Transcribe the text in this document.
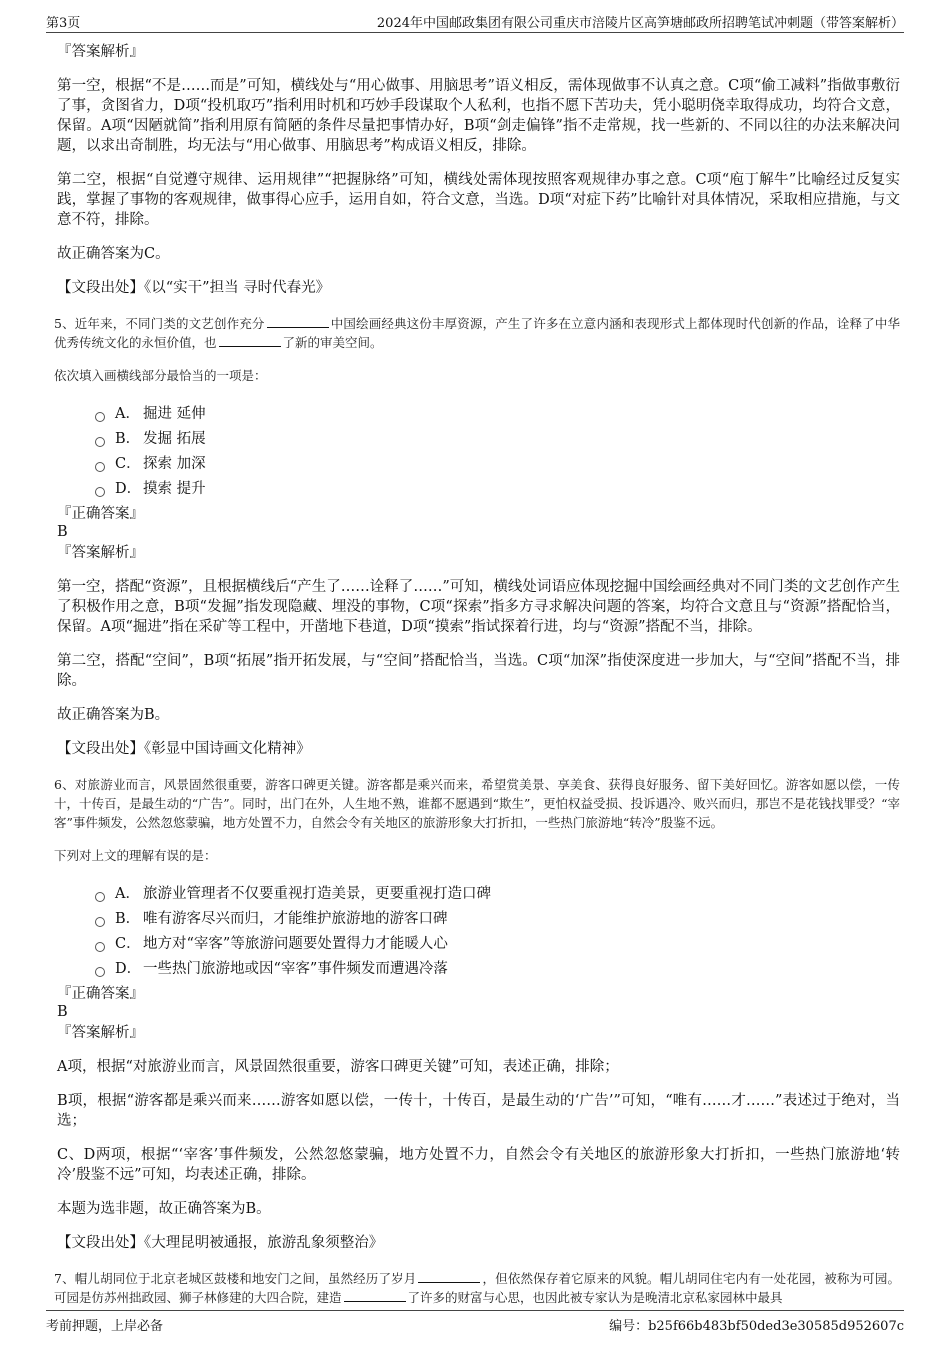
第3页	2024年中国邮政集团有限公司重庆市涪陵片区高笋塘邮政所招聘笔试冲刺题（带答案解析）

『答案解析』

第一空，根据“不是……而是”可知，横线处与“用心做事、用脑思考”语义相反，需体现做事不认真之意。C项“偷工减料”指做事敷衍了事，贪图省力，D项“投机取巧”指利用时机和巧妙手段谋取个人私利，也指不愿下苦功夫，凭小聪明侥幸取得成功，均符合文意，保留。A项“因陋就简”指利用原有简陋的条件尽量把事情办好，B项“剑走偏锋”指不走常规，找一些新的、不同以往的办法来解决问题，以求出奇制胜，均无法与“用心做事、用脑思考”构成语义相反，排除。

第二空，根据“自觉遵守规律、运用规律”“把握脉络”可知，横线处需体现按照客观规律办事之意。C项“庖丁解牛”比喻经过反复实践，掌握了事物的客观规律，做事得心应手，运用自如，符合文意，当选。D项“对症下药”比喻针对具体情况，采取相应措施，与文意不符，排除。

故正确答案为C。

【文段出处】《以“实干”担当 寻时代春光》

5、近年来，不同门类的文艺创作充分	中国绘画经典这份丰厚资源，产生了许多在立意内涵和表现形式上都体现时代创新的作品，诠释了中华优秀传统文化的永恒价值，也	了新的审美空间。

依次填入画横线部分最恰当的一项是：

A． 掘进 延伸
B． 发掘 拓展
C． 探索 加深
D． 摸索 提升

『正确答案』

B

『答案解析』

第一空，搭配“资源”，且根据横线后“产生了……诠释了……”可知，横线处词语应体现挖掘中国绘画经典对不同门类的文艺创作产生了积极作用之意，B项“发掘”指发现隐藏、埋没的事物，C项“探索”指多方寻求解决问题的答案，均符合文意且与“资源”搭配恰当，保留。A项“掘进”指在采矿等工程中，开凿地下巷道，D项“摸索”指试探着行进，均与“资源”搭配不当，排除。

第二空，搭配“空间”，B项“拓展”指开拓发展，与“空间”搭配恰当，当选。C项“加深”指使深度进一步加大，与“空间”搭配不当，排除。

故正确答案为B。

【文段出处】《彰显中国诗画文化精神》

6、对旅游业而言，风景固然很重要，游客口碑更关键。游客都是乘兴而来，希望赏美景、享美食、获得良好服务、留下美好回忆。游客如愿以偿，一传十，十传百，是最生动的“广告”。同时，出门在外，人生地不熟，谁都不愿遇到“欺生”，更怕权益受损、投诉遇冷、败兴而归，那岂不是花钱找罪受？“宰客”事件频发，公然忽悠蒙骗，地方处置不力，自然会令有关地区的旅游形象大打折扣，一些热门旅游地“转冷”殷鉴不远。

下列对上文的理解有误的是：

A． 旅游业管理者不仅要重视打造美景，更要重视打造口碑
B． 唯有游客尽兴而归，才能维护旅游地的游客口碑
C． 地方对“宰客”等旅游问题要处置得力才能暖人心
D． 一些热门旅游地或因“宰客”事件频发而遭遇冷落

『正确答案』

B

『答案解析』

A项，根据“对旅游业而言，风景固然很重要，游客口碑更关键”可知，表述正确，排除；

B项，根据“游客都是乘兴而来……游客如愿以偿，一传十，十传百，是最生动的‘广告’”可知，“唯有……才……”表述过于绝对，当选；

C、D两项，根据“‘宰客’事件频发，公然忽悠蒙骗，地方处置不力，自然会令有关地区的旅游形象大打折扣，一些热门旅游地‘转冷’殷鉴不远”可知，均表述正确，排除。

本题为选非题，故正确答案为B。

【文段出处】《大理昆明被通报，旅游乱象须整治》

7、帽儿胡同位于北京老城区鼓楼和地安门之间，虽然经历了岁月	，但依然保存着它原来的风貌。帽儿胡同住宅内有一处花园，被称为可园。可园是仿苏州拙政园、狮子林修建的大四合院，建造	了许多的财富与心思，也因此被专家认为是晚清北京私家园林中最具

考前押题，上岸必备	编号：b25f66b483bf50ded3e30585d952607c
